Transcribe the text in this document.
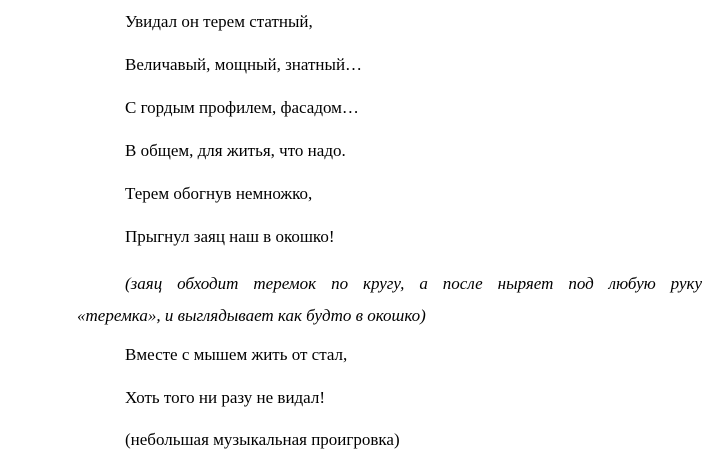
Увидал он терем статный,
Величавый, мощный, знатный…
С гордым профилем, фасадом…
В общем, для житья, что надо.
Терем обогнув немножко,
Прыгнул заяц наш в окошко!
(заяц обходит теремок по кругу, а после ныряет под любую руку
«теремка», и выглядывает как будто в окошко)
Вместе с мышем жить от стал,
Хоть того ни разу не видал!
(небольшая музыкальная проигровка)
